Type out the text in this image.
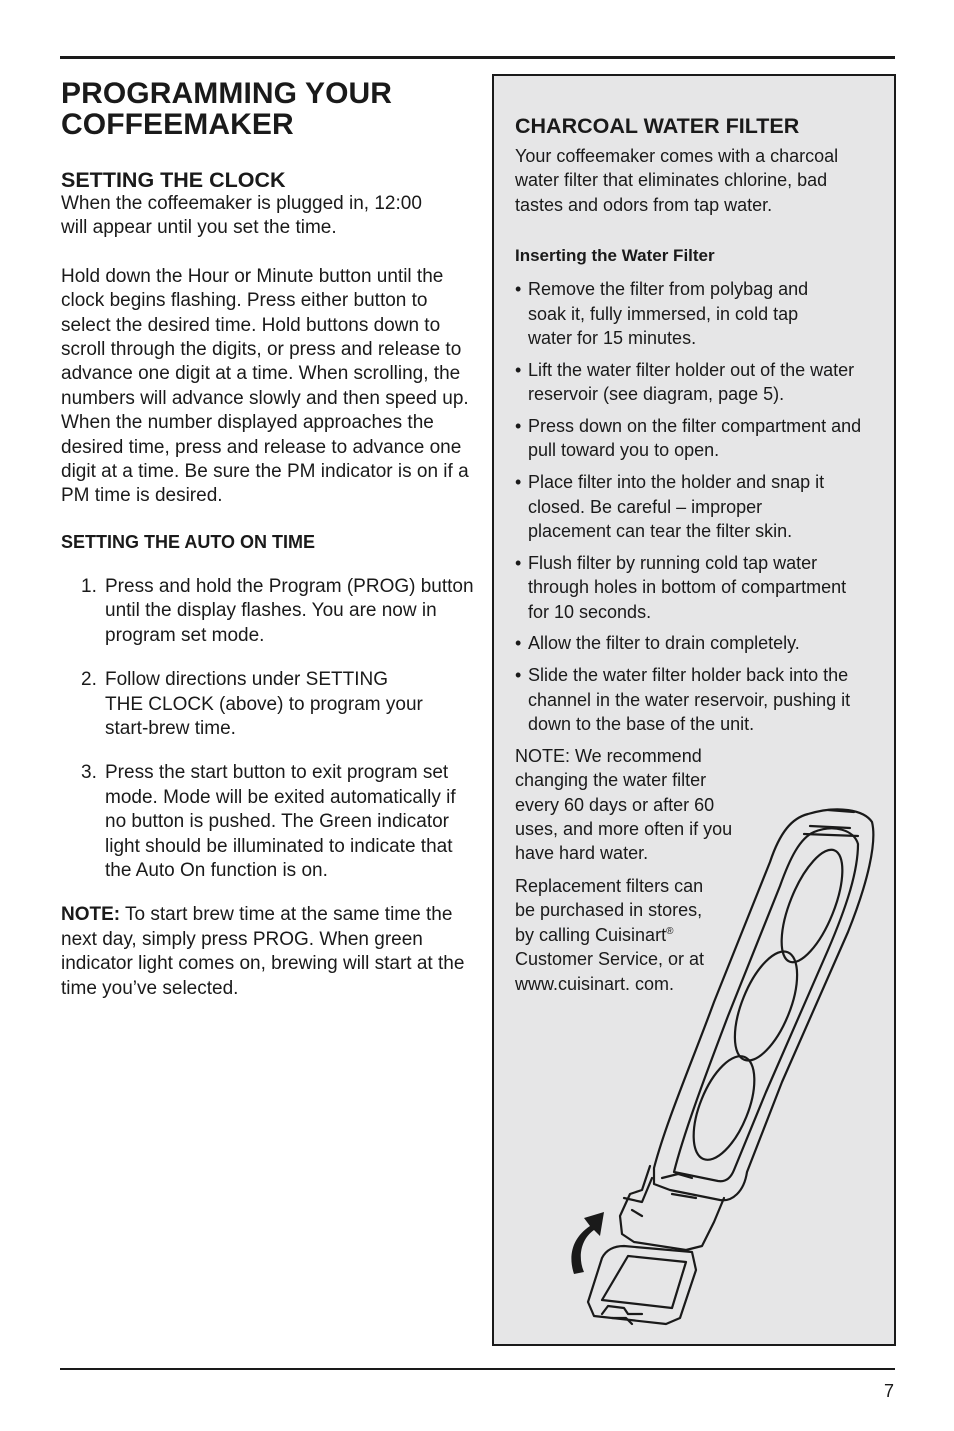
PROGRAMMING YOUR
COFFEEMAKER
SETTING THE CLOCK

When the coffeemaker is plugged in, 12:00 will appear until you set the time.

Hold down the Hour or Minute button until the clock begins flashing. Press either button to select the desired time. Hold buttons down to scroll through the digits, or press and release to advance one digit at a time. When scrolling, the numbers will advance slowly and then speed up. When the number displayed approaches the desired time, press and release to advance one digit at a time. Be sure the PM indicator is on if a PM time is desired.

SETTING THE AUTO ON TIME
1. Press and hold the Program (PROG) button until the display flashes. You are now in program set mode.
2. Follow directions under SETTING THE CLOCK (above) to program your start-brew time.
3. Press the start button to exit program set mode. Mode will be exited automatically if no button is pushed. The Green indicator light should be illuminated to indicate that the Auto On function is on.

NOTE: To start brew time at the same time the next day, simply press PROG. When green indicator light comes on, brewing will start at the time you’ve selected.

CHARCOAL WATER FILTER

Your coffeemaker comes with a charcoal water filter that eliminates chlorine, bad tastes and odors from tap water.

Inserting the Water Filter
• Remove the filter from polybag and soak it, fully immersed, in cold tap water for 15 minutes.
• Lift the water filter holder out of the water reservoir (see diagram, page 5).
• Press down on the filter compartment and pull toward you to open.
• Place filter into the holder and snap it closed. Be careful – improper placement can tear the filter skin.
• Flush filter by running cold tap water through holes in bottom of compartment for 10 seconds.
• Allow the filter to drain completely.
• Slide the water filter holder back into the channel in the water reservoir, pushing it down to the base of the unit.

NOTE: We recommend changing the water filter every 60 days or after 60 uses, and more often if you have hard water.

Replacement filters can be purchased in stores, by calling Cuisinart® Customer Service, or at www.cuisinart. com.

7
